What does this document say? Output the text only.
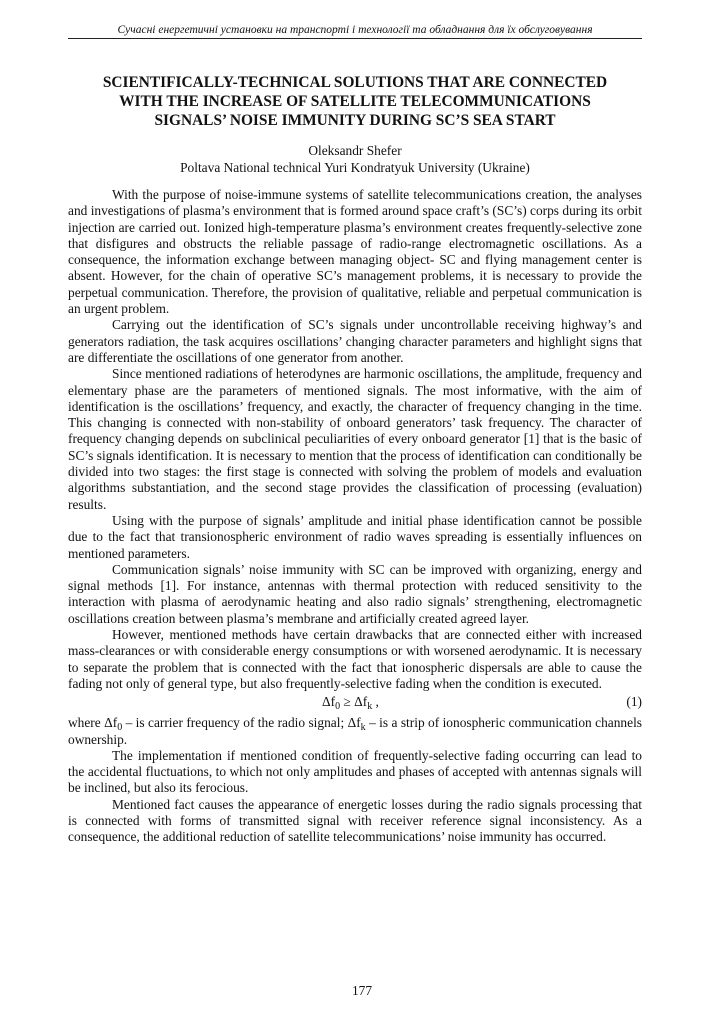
Сучасні енергетичні установки на транспорті і технології та обладнання для їх обслуговування
SCIENTIFICALLY-TECHNICAL SOLUTIONS THAT ARE CONNECTED
WITH THE INCREASE OF SATELLITE TELECOMMUNICATIONS
SIGNALS’ NOISE IMMUNITY DURING SC’S SEA START
Oleksandr Shefer
Poltava National technical Yuri Kondratyuk University (Ukraine)

With the purpose of noise-immune systems of satellite telecommunications creation, the analyses and investigations of plasma’s environment that is formed around space craft’s (SC’s) corps during its orbit injection are carried out. Ionized high-temperature plasma’s environment creates frequently-selective zone that disfigures and obstructs the reliable passage of radio-range electromagnetic oscillations. As a consequence, the information exchange between managing object- SC and flying management center is absent. However, for the chain of operative SC’s management problems, it is necessary to provide the perpetual communication. Therefore, the provision of qualitative, reliable and perpetual communication is an urgent problem.

Carrying out the identification of SC’s signals under uncontrollable receiving highway’s and generators radiation, the task acquires oscillations’ changing character parameters and highlight signs that are differentiate the oscillations of one generator from another.

Since mentioned radiations of heterodynes are harmonic oscillations, the amplitude, frequency and elementary phase are the parameters of mentioned signals. The most informative, with the aim of identification is the oscillations’ frequency, and exactly, the character of frequency changing in the time. This changing is connected with non-stability of onboard generators’ task frequency. The character of frequency changing depends on subclinical peculiarities of every onboard generator [1] that is the basic of SC’s signals identification. It is necessary to mention that the process of identification can conditionally be divided into two stages: the first stage is connected with solving the problem of models and evaluation algorithms substantiation, and the second stage provides the classification of processing (evaluation) results.

Using with the purpose of signals’ amplitude and initial phase identification cannot be possible due to the fact that transionospheric environment of radio waves spreading is essentially influences on mentioned parameters.

Communication signals’ noise immunity with SC can be improved with organizing, energy and signal methods [1]. For instance, antennas with thermal protection with reduced sensitivity to the interaction with plasma of aerodynamic heating and also radio signals’ strengthening, electromagnetic oscillations creation between plasma’s membrane and artificially created agreed layer.

However, mentioned methods have certain drawbacks that are connected either with increased mass-clearances or with considerable energy consumptions or with worsened aerodynamic. It is necessary to separate the problem that is connected with the fact that ionospheric dispersals are able to cause the fading not only of general type, but also frequently-selective fading when the condition is executed.

$\Delta f_0 \ge \Delta f_k$ ,	(1)

where $\Delta f_0$ – is carrier frequency of the radio signal; $\Delta f_k$ – is a strip of ionospheric communication channels ownership.

The implementation if mentioned condition of frequently-selective fading occurring can lead to the accidental fluctuations, to which not only amplitudes and phases of accepted with antennas signals will be inclined, but also its ferocious.

Mentioned fact causes the appearance of energetic losses during the radio signals processing that is connected with forms of transmitted signal with receiver reference signal inconsistency. As a consequence, the additional reduction of satellite telecommunications’ noise immunity has occurred.

177
